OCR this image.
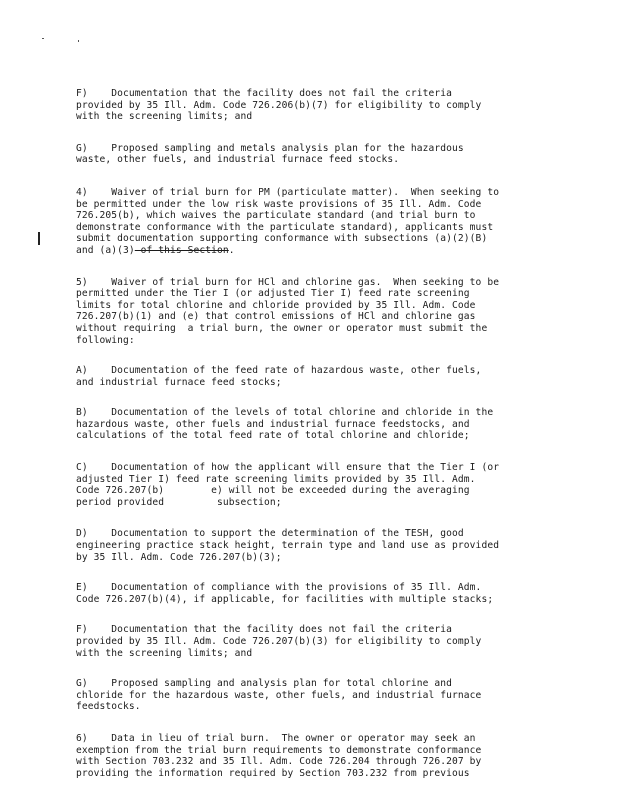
F)    Documentation that the facility does not fail the criteria
provided by 35 Ill. Adm. Code 726.206(b)(7) for eligibility to comply
with the screening limits; and

G)    Proposed sampling and metals analysis plan for the hazardous
waste, other fuels, and industrial furnace feed stocks.

4)    Waiver of trial burn for PM (particulate matter).  When seeking to
be permitted under the low risk waste provisions of 35 Ill. Adm. Code
726.205(b), which waives the particulate standard (and trial burn to
demonstrate conformance with the particulate standard), applicants must
submit documentation supporting conformance with subsections (a)(2)(B)
and (a)(3) of this Section.

5)    Waiver of trial burn for HCl and chlorine gas.  When seeking to be
permitted under the Tier I (or adjusted Tier I) feed rate screening
limits for total chlorine and chloride provided by 35 Ill. Adm. Code
726.207(b)(1) and (e) that control emissions of HCl and chlorine gas
without requiring  a trial burn, the owner or operator must submit the
following:

A)    Documentation of the feed rate of hazardous waste, other fuels,
and industrial furnace feed stocks;

B)    Documentation of the levels of total chlorine and chloride in the
hazardous waste, other fuels and industrial furnace feedstocks, and
calculations of the total feed rate of total chlorine and chloride;

C)    Documentation of how the applicant will ensure that the Tier I (or
adjusted Tier I) feed rate screening limits provided by 35 Ill. Adm.
Code 726.207(b)        e) will not be exceeded during the averaging
period provided         subsection;

D)    Documentation to support the determination of the TESH, good
engineering practice stack height, terrain type and land use as provided
by 35 Ill. Adm. Code 726.207(b)(3);

E)    Documentation of compliance with the provisions of 35 Ill. Adm.
Code 726.207(b)(4), if applicable, for facilities with multiple stacks;

F)    Documentation that the facility does not fail the criteria
provided by 35 Ill. Adm. Code 726.207(b)(3) for eligibility to comply
with the screening limits; and

G)    Proposed sampling and analysis plan for total chlorine and
chloride for the hazardous waste, other fuels, and industrial furnace
feedstocks.

6)    Data in lieu of trial burn.  The owner or operator may seek an
exemption from the trial burn requirements to demonstrate conformance
with Section 703.232 and 35 Ill. Adm. Code 726.204 through 726.207 by
providing the information required by Section 703.232 from previous
